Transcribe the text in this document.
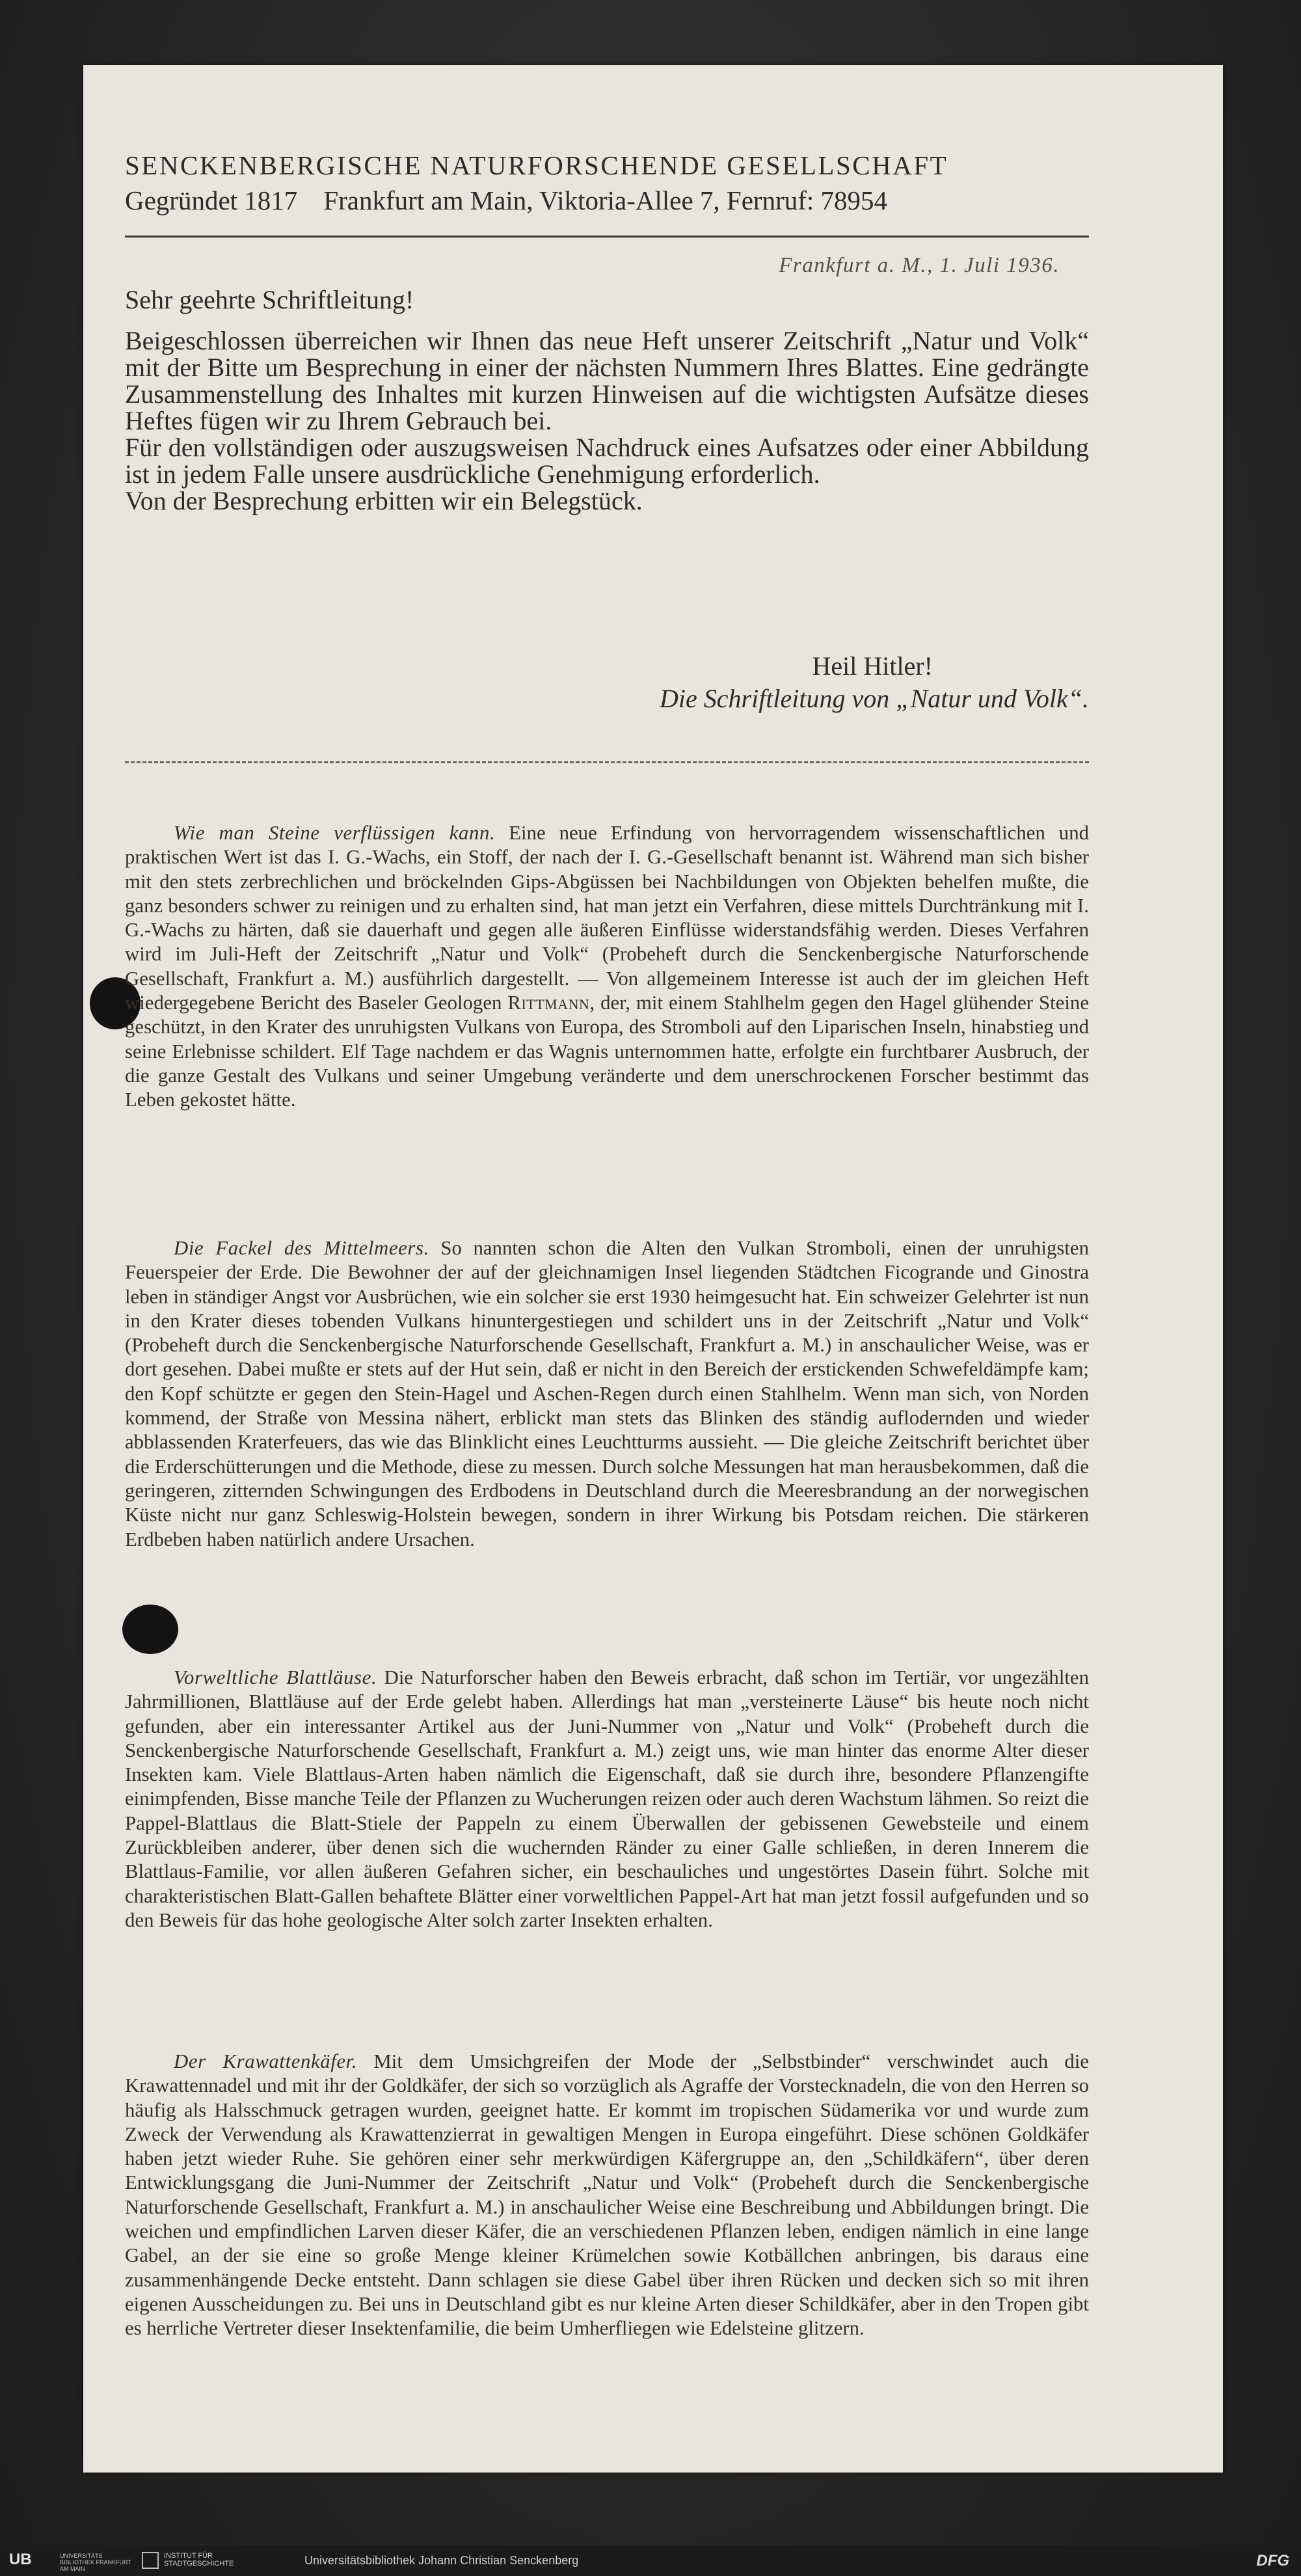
SENCKENBERGISCHE NATURFORSCHENDE GESELLSCHAFT
Gegründet 1817 Frankfurt am Main, Viktoria-Allee 7, Fernruf: 78954
Frankfurt a. M., 1. Juli 1936.

Sehr geehrte Schriftleitung!

Beigeschlossen überreichen wir Ihnen das neue Heft unserer Zeitschrift „Natur und Volk“ mit der Bitte um Besprechung in einer der nächsten Nummern Ihres Blattes. Eine gedrängte Zusammenstellung des Inhaltes mit kurzen Hinweisen auf die wichtigsten Aufsätze dieses Heftes fügen wir zu Ihrem Gebrauch bei.

Für den vollständigen oder auszugsweisen Nachdruck eines Aufsatzes oder einer Abbildung ist in jedem Falle unsere ausdrückliche Genehmigung erforderlich.

Von der Besprechung erbitten wir ein Belegstück.

Heil Hitler!
Die Schriftleitung von „Natur und Volk“.
Wie man Steine verflüssigen kann. Eine neue Erfindung von hervorragendem wissenschaftlichen und praktischen Wert ist das I. G.-Wachs, ein Stoff, der nach der I. G.-Gesellschaft benannt ist. Während man sich bisher mit den stets zerbrechlichen und bröckelnden Gips-Abgüssen bei Nachbildungen von Objekten behelfen mußte, die ganz besonders schwer zu reinigen und zu erhalten sind, hat man jetzt ein Verfahren, diese mittels Durchtränkung mit I. G.-Wachs zu härten, daß sie dauerhaft und gegen alle äußeren Einflüsse widerstandsfähig werden. Dieses Verfahren wird im Juli-Heft der Zeitschrift „Natur und Volk“ (Probeheft durch die Senckenbergische Naturforschende Gesellschaft, Frankfurt a. M.) ausführlich dargestellt. — Von allgemeinem Interesse ist auch der im gleichen Heft wiedergegebene Bericht des Baseler Geologen Rittmann, der, mit einem Stahlhelm gegen den Hagel glühender Steine geschützt, in den Krater des unruhigsten Vulkans von Europa, des Stromboli auf den Liparischen Inseln, hinabstieg und seine Erlebnisse schildert. Elf Tage nachdem er das Wagnis unternommen hatte, erfolgte ein furchtbarer Ausbruch, der die ganze Gestalt des Vulkans und seiner Umgebung veränderte und dem unerschrockenen Forscher bestimmt das Leben gekostet hätte.
Die Fackel des Mittelmeers. So nannten schon die Alten den Vulkan Stromboli, einen der unruhigsten Feuerspeier der Erde. Die Bewohner der auf der gleichnamigen Insel liegenden Städtchen Ficogrande und Ginostra leben in ständiger Angst vor Ausbrüchen, wie ein solcher sie erst 1930 heimgesucht hat. Ein schweizer Gelehrter ist nun in den Krater dieses tobenden Vulkans hinuntergestiegen und schildert uns in der Zeitschrift „Natur und Volk“ (Probeheft durch die Senckenbergische Naturforschende Gesellschaft, Frankfurt a. M.) in anschaulicher Weise, was er dort gesehen. Dabei mußte er stets auf der Hut sein, daß er nicht in den Bereich der erstickenden Schwefeldämpfe kam; den Kopf schützte er gegen den Stein-Hagel und Aschen-Regen durch einen Stahlhelm. Wenn man sich, von Norden kommend, der Straße von Messina nähert, erblickt man stets das Blinken des ständig auflodernden und wieder abblassenden Kraterfeuers, das wie das Blinklicht eines Leuchtturms aussieht. — Die gleiche Zeitschrift berichtet über die Erderschütterungen und die Methode, diese zu messen. Durch solche Messungen hat man herausbekommen, daß die geringeren, zitternden Schwingungen des Erdbodens in Deutschland durch die Meeresbrandung an der norwegischen Küste nicht nur ganz Schleswig-Holstein bewegen, sondern in ihrer Wirkung bis Potsdam reichen. Die stärkeren Erdbeben haben natürlich andere Ursachen.
Vorweltliche Blattläuse. Die Naturforscher haben den Beweis erbracht, daß schon im Tertiär, vor ungezählten Jahrmillionen, Blattläuse auf der Erde gelebt haben. Allerdings hat man „versteinerte Läuse“ bis heute noch nicht gefunden, aber ein interessanter Artikel aus der Juni-Nummer von „Natur und Volk“ (Probeheft durch die Senckenbergische Naturforschende Gesellschaft, Frankfurt a. M.) zeigt uns, wie man hinter das enorme Alter dieser Insekten kam. Viele Blattlaus-Arten haben nämlich die Eigenschaft, daß sie durch ihre, besondere Pflanzengifte einimpfenden, Bisse manche Teile der Pflanzen zu Wucherungen reizen oder auch deren Wachstum lähmen. So reizt die Pappel-Blattlaus die Blatt-Stiele der Pappeln zu einem Überwallen der gebissenen Gewebsteile und einem Zurückbleiben anderer, über denen sich die wuchernden Ränder zu einer Galle schließen, in deren Innerem die Blattlaus-Familie, vor allen äußeren Gefahren sicher, ein beschauliches und ungestörtes Dasein führt. Solche mit charakteristischen Blatt-Gallen behaftete Blätter einer vorweltlichen Pappel-Art hat man jetzt fossil aufgefunden und so den Beweis für das hohe geologische Alter solch zarter Insekten erhalten.
Der Krawattenkäfer. Mit dem Umsichgreifen der Mode der „Selbstbinder“ verschwindet auch die Krawattennadel und mit ihr der Goldkäfer, der sich so vorzüglich als Agraffe der Vorstecknadeln, die von den Herren so häufig als Halsschmuck getragen wurden, geeignet hatte. Er kommt im tropischen Südamerika vor und wurde zum Zweck der Verwendung als Krawattenzierrat in gewaltigen Mengen in Europa eingeführt. Diese schönen Goldkäfer haben jetzt wieder Ruhe. Sie gehören einer sehr merkwürdigen Käfergruppe an, den „Schildkäfern“, über deren Entwicklungsgang die Juni-Nummer der Zeitschrift „Natur und Volk“ (Probeheft durch die Senckenbergische Naturforschende Gesellschaft, Frankfurt a. M.) in anschaulicher Weise eine Beschreibung und Abbildungen bringt. Die weichen und empfindlichen Larven dieser Käfer, die an verschiedenen Pflanzen leben, endigen nämlich in eine lange Gabel, an der sie eine so große Menge kleiner Krümelchen sowie Kotbällchen anbringen, bis daraus eine zusammenhängende Decke entsteht. Dann schlagen sie diese Gabel über ihren Rücken und decken sich so mit ihren eigenen Ausscheidungen zu. Bei uns in Deutschland gibt es nur kleine Arten dieser Schildkäfer, aber in den Tropen gibt es herrliche Vertreter dieser Insektenfamilie, die beim Umherfliegen wie Edelsteine glitzern.
UB	UNIVERSITÄTS BIBLIOTHEK FRANKFURT AM MAIN
INSTITUT FÜR STADTGESCHICHTE	Universitätsbibliothek Johann Christian Senckenberg	DFG
